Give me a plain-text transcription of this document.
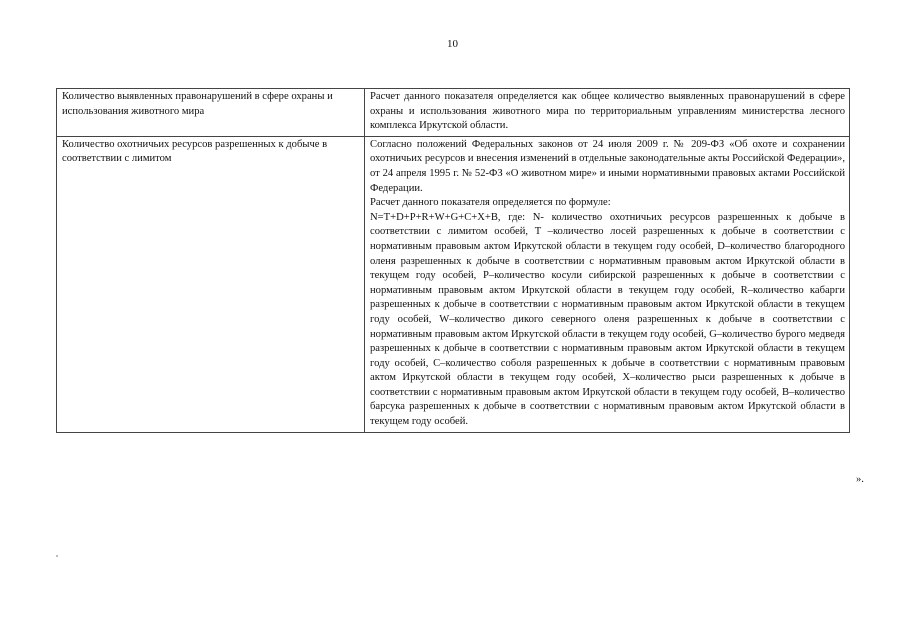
10
Количество выявленных правонарушений в сфере охраны и использования животного мира	Расчет данного показателя определяется как общее количество выявленных правонарушений в сфере охраны и использования животного мира по территориальным управлениям министерства лесного комплекса Иркутской области.

Количество охотничьих ресурсов разрешенных к добыче в соответствии с лимитом	Согласно положений Федеральных законов от 24 июля 2009 г. № 209-ФЗ «Об охоте и сохранении охотничьих ресурсов и внесения изменений в отдельные законодательные акты Российской Федерации», от 24 апреля 1995 г. № 52-ФЗ «О животном мире» и иными нормативными правовых актами Российской Федерации.

Расчет данного показателя определяется по формуле:

N=T+D+P+R+W+G+C+X+B, где: N- количество охотничьих ресурсов разрешенных к добыче в соответствии с лимитом особей, T –количество лосей разрешенных к добыче в соответствии с нормативным правовым актом Иркутской области в текущем году особей, D–количество благородного оленя разрешенных к добыче в соответствии с нормативным правовым актом Иркутской области в текущем году особей, P–количество косули сибирской разрешенных к добыче в соответствии с нормативным правовым актом Иркутской области в текущем году особей, R–количество кабарги разрешенных к добыче в соответствии с нормативным правовым актом Иркутской области в текущем году особей, W–количество дикого северного оленя разрешенных к добыче в соответствии с нормативным правовым актом Иркутской области в текущем году особей, G–количество бурого медведя разрешенных к добыче в соответствии с нормативным правовым актом Иркутской области в текущем году особей, C–количество соболя разрешенных к добыче в соответствии с нормативным правовым актом Иркутской области в текущем году особей, X–количество рыси разрешенных к добыче в соответствии с нормативным правовым актом Иркутской области в текущем году особей, B–количество барсука разрешенных к добыче в соответствии с нормативным правовым актом Иркутской области в текущем году особей.

».
